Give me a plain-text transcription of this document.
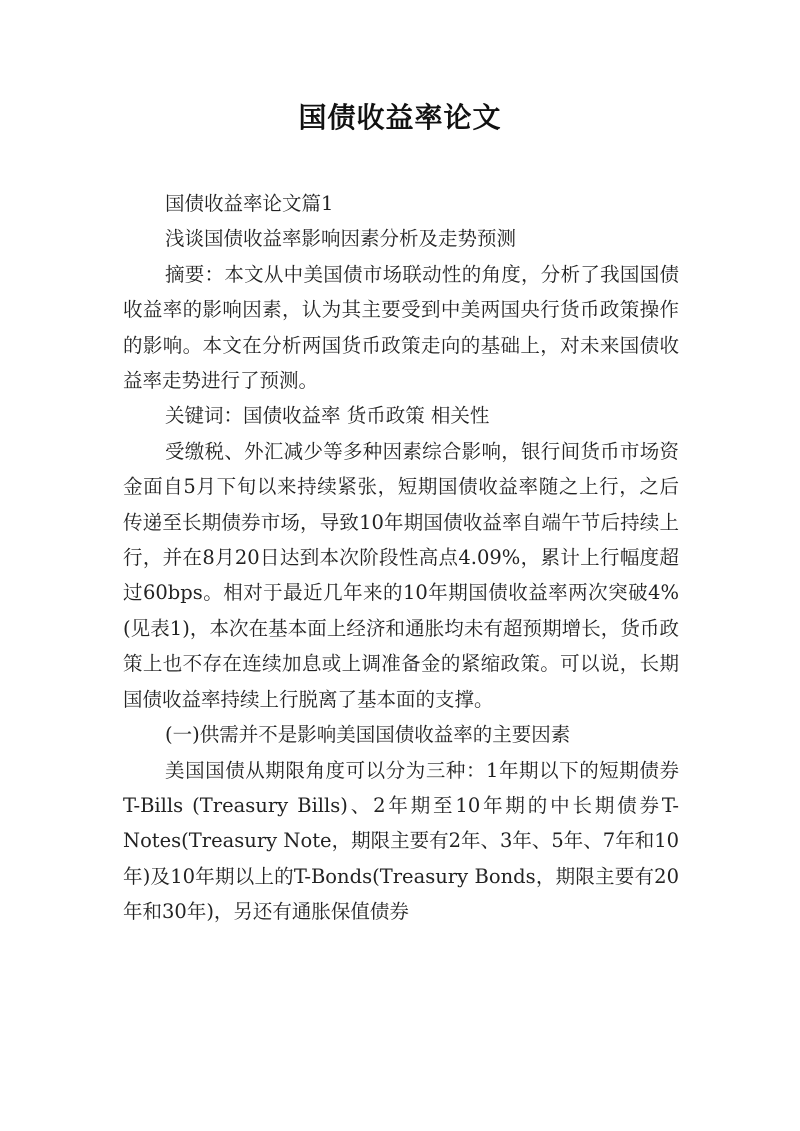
国债收益率论文

国债收益率论文篇1

浅谈国债收益率影响因素分析及走势预测

摘要：本文从中美国债市场联动性的角度，分析了我国国债收益率的影响因素，认为其主要受到中美两国央行货币政策操作的影响。本文在分析两国货币政策走向的基础上，对未来国债收益率走势进行了预测。

关键词：国债收益率 货币政策 相关性

受缴税、外汇减少等多种因素综合影响，银行间货币市场资金面自5月下旬以来持续紧张，短期国债收益率随之上行，之后传递至长期债券市场，导致10年期国债收益率自端午节后持续上行，并在8月20日达到本次阶段性高点4.09%，累计上行幅度超过60bps。相对于最近几年来的10年期国债收益率两次突破4%(见表1)，本次在基本面上经济和通胀均未有超预期增长，货币政策上也不存在连续加息或上调准备金的紧缩政策。可以说，长期国债收益率持续上行脱离了基本面的支撑。

(一)供需并不是影响美国国债收益率的主要因素

美国国债从期限角度可以分为三种：1年期以下的短期债券T-Bills (Treasury Bills)、2年期至10年期的中长期债券T-Notes(Treasury Note，期限主要有2年、3年、5年、7年和10年)及10年期以上的T-Bonds(Treasury Bonds，期限主要有20年和30年)，另还有通胀保值债券
